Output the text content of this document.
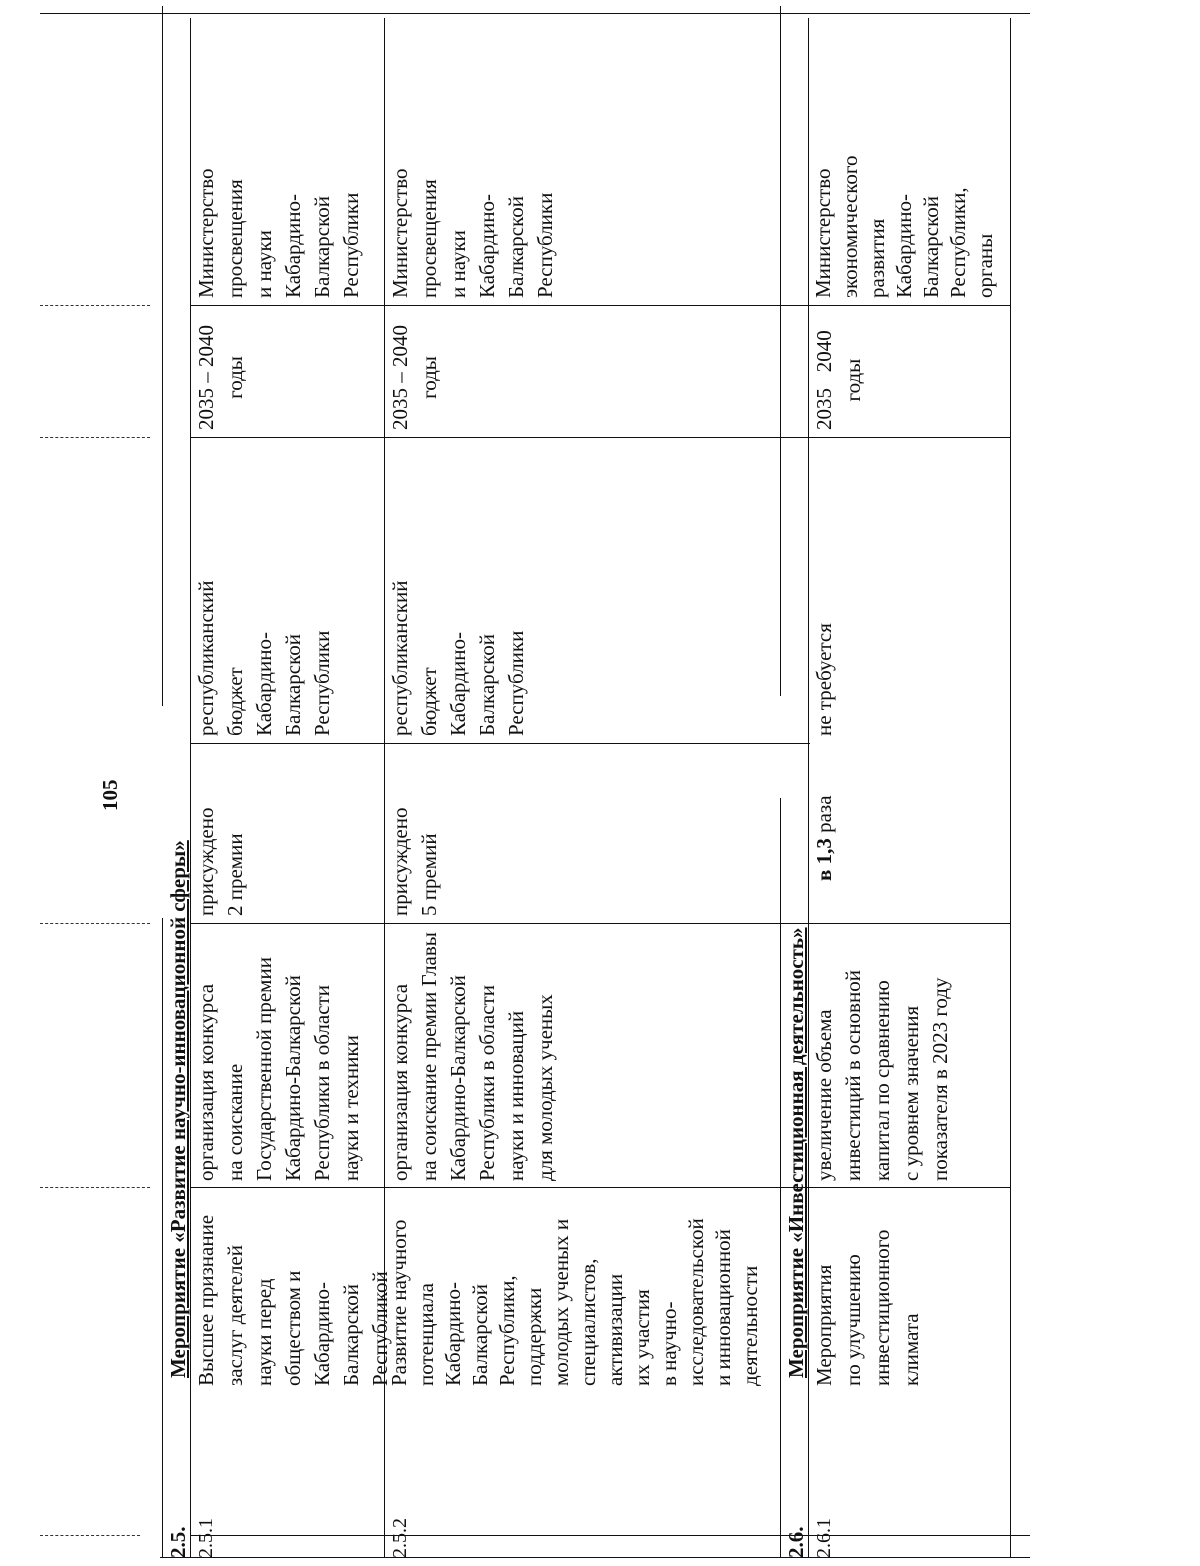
105
2.5.
Мероприятие «Развитие научно-инновационной сферы»
2.5.1
Высшее признание заслуг деятелей науки перед обществом и Кабардино- Балкарской Республикой
организация конкурса на соискание Государственной премии Кабардино-Балкарской Республики в области науки и техники
присуждено 2 премии
республиканский бюджет Кабардино- Балкарской Республики
2035 – 2040 годы
Министерство просвещения и науки Кабардино- Балкарской Республики
2.5.2
Развитие научного потенциала Кабардино- Балкарской Республики, поддержки молодых ученых и специалистов, активизации их участия в научно- исследовательской и инновационной деятельности
организация конкурса на соискание премии Главы Кабардино-Балкарской Республики в области науки и инноваций для молодых ученых
присуждено 5 премий
республиканский бюджет Кабардино- Балкарской Республики
2035 – 2040 годы
Министерство просвещения и науки Кабардино- Балкарской Республики
2.6.
Мероприятие «Инвестиционная деятельность»
2.6.1
Мероприятия по улучшению инвестиционного климата
увеличение объема инвестиций в основной капитал по сравнению с уровнем значения показателя в 2023 году
в 1,3 раза
не требуется
2035   2040 годы
Министерство экономического развития Кабардино- Балкарской Республики, органы
